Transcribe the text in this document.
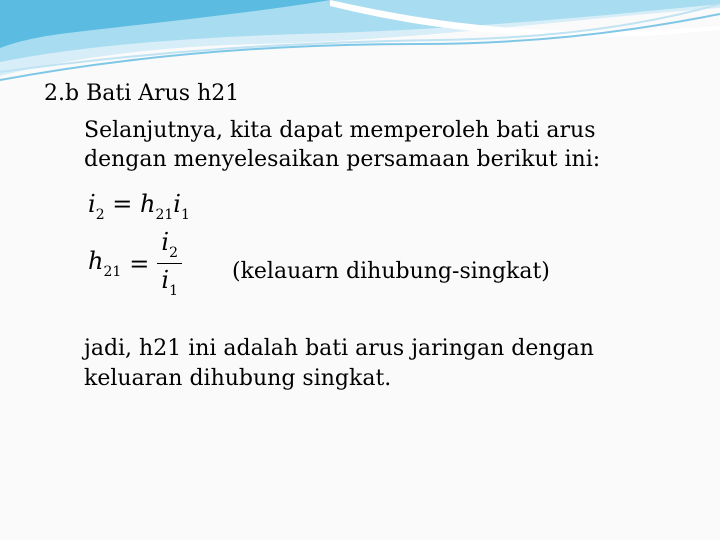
2.b Bati Arus h21
Selanjutnya, kita dapat memperoleh bati arus
dengan menyelesaikan persamaan berikut ini:
$i_2 = h_{21}i_1$
$h_{21} = \frac{i_2}{i_1}$ (kelauarn dihubung-singkat)
jadi, h21 ini adalah bati arus jaringan dengan
keluaran dihubung singkat.
